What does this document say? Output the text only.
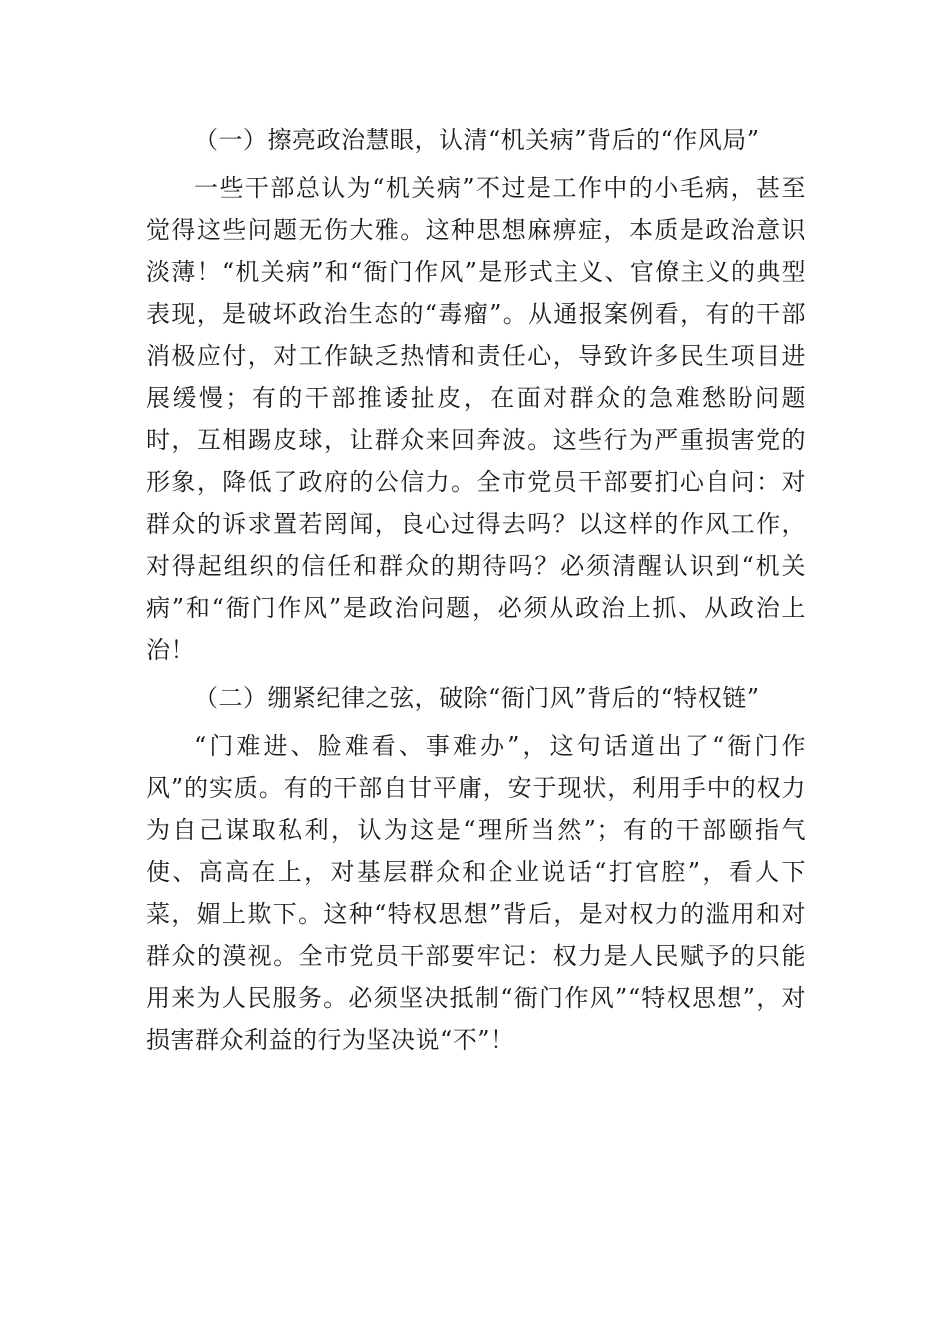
（一）擦亮政治慧眼，认清“机关病”背后的“作风局”

一些干部总认为“机关病”不过是工作中的小毛病，甚至觉得这些问题无伤大雅。这种思想麻痹症，本质是政治意识淡薄！“机关病”和“衙门作风”是形式主义、官僚主义的典型表现，是破坏政治生态的“毒瘤”。从通报案例看，有的干部消极应付，对工作缺乏热情和责任心，导致许多民生项目进展缓慢；有的干部推诿扯皮，在面对群众的急难愁盼问题时，互相踢皮球，让群众来回奔波。这些行为严重损害党的形象，降低了政府的公信力。全市党员干部要扪心自问：对群众的诉求置若罔闻，良心过得去吗？以这样的作风工作，对得起组织的信任和群众的期待吗？必须清醒认识到“机关病”和“衙门作风”是政治问题，必须从政治上抓、从政治上治！

（二）绷紧纪律之弦，破除“衙门风”背后的“特权链”

“门难进、脸难看、事难办”，这句话道出了“衙门作风”的实质。有的干部自甘平庸，安于现状，利用手中的权力为自己谋取私利，认为这是“理所当然”；有的干部颐指气使、高高在上，对基层群众和企业说话“打官腔”，看人下菜，媚上欺下。这种“特权思想”背后，是对权力的滥用和对群众的漠视。全市党员干部要牢记：权力是人民赋予的只能用来为人民服务。必须坚决抵制“衙门作风”“特权思想”，对损害群众利益的行为坚决说“不”！
